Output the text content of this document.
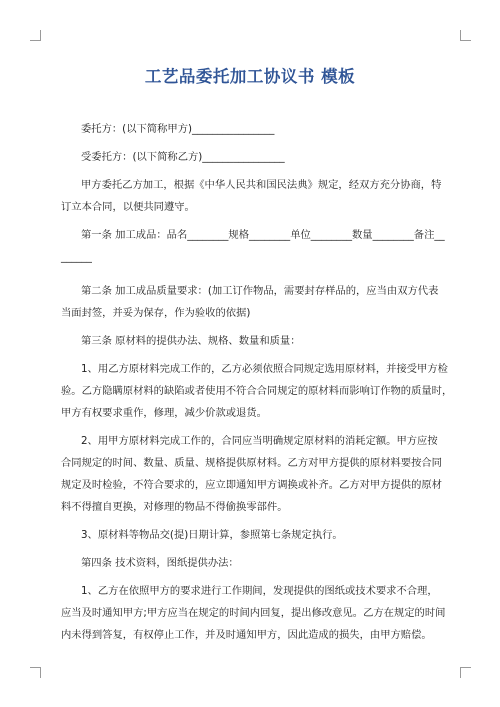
工艺品委托加工协议书 模板

委托方：(以下简称甲方)________________

受委托方：(以下简称乙方)________________

甲方委托乙方加工，根据《中华人民共和国民法典》规定，经双方充分协商，特

订立本合同，以便共同遵守。

第一条 加工成品：品名________规格________单位________数量________备注__

______

第二条 加工成品质量要求：(加工订作物品，需要封存样品的，应当由双方代表

当面封签，并妥为保存，作为验收的依据)

第三条 原材料的提供办法、规格、数量和质量：

1、用乙方原材料完成工作的，乙方必须依照合同规定选用原材料，并接受甲方检

验。乙方隐瞒原材料的缺陷或者使用不符合合同规定的原材料而影响订作物的质量时，

甲方有权要求重作，修理，减少价款或退货。

2、用甲方原材料完成工作的，合同应当明确规定原材料的消耗定额。甲方应按

合同规定的时间、数量、质量、规格提供原材料。乙方对甲方提供的原材料要按合同

规定及时检验，不符合要求的，应立即通知甲方调换或补齐。乙方对甲方提供的原材

料不得擅自更换，对修理的物品不得偷换零部件。

3、原材料等物品交(提)日期计算，参照第七条规定执行。

第四条 技术资料，图纸提供办法：

1、乙方在依照甲方的要求进行工作期间，发现提供的图纸或技术要求不合理，

应当及时通知甲方;甲方应当在规定的时间内回复，提出修改意见。乙方在规定的时间

内未得到答复，有权停止工作，并及时通知甲方，因此造成的损失，由甲方赔偿。
